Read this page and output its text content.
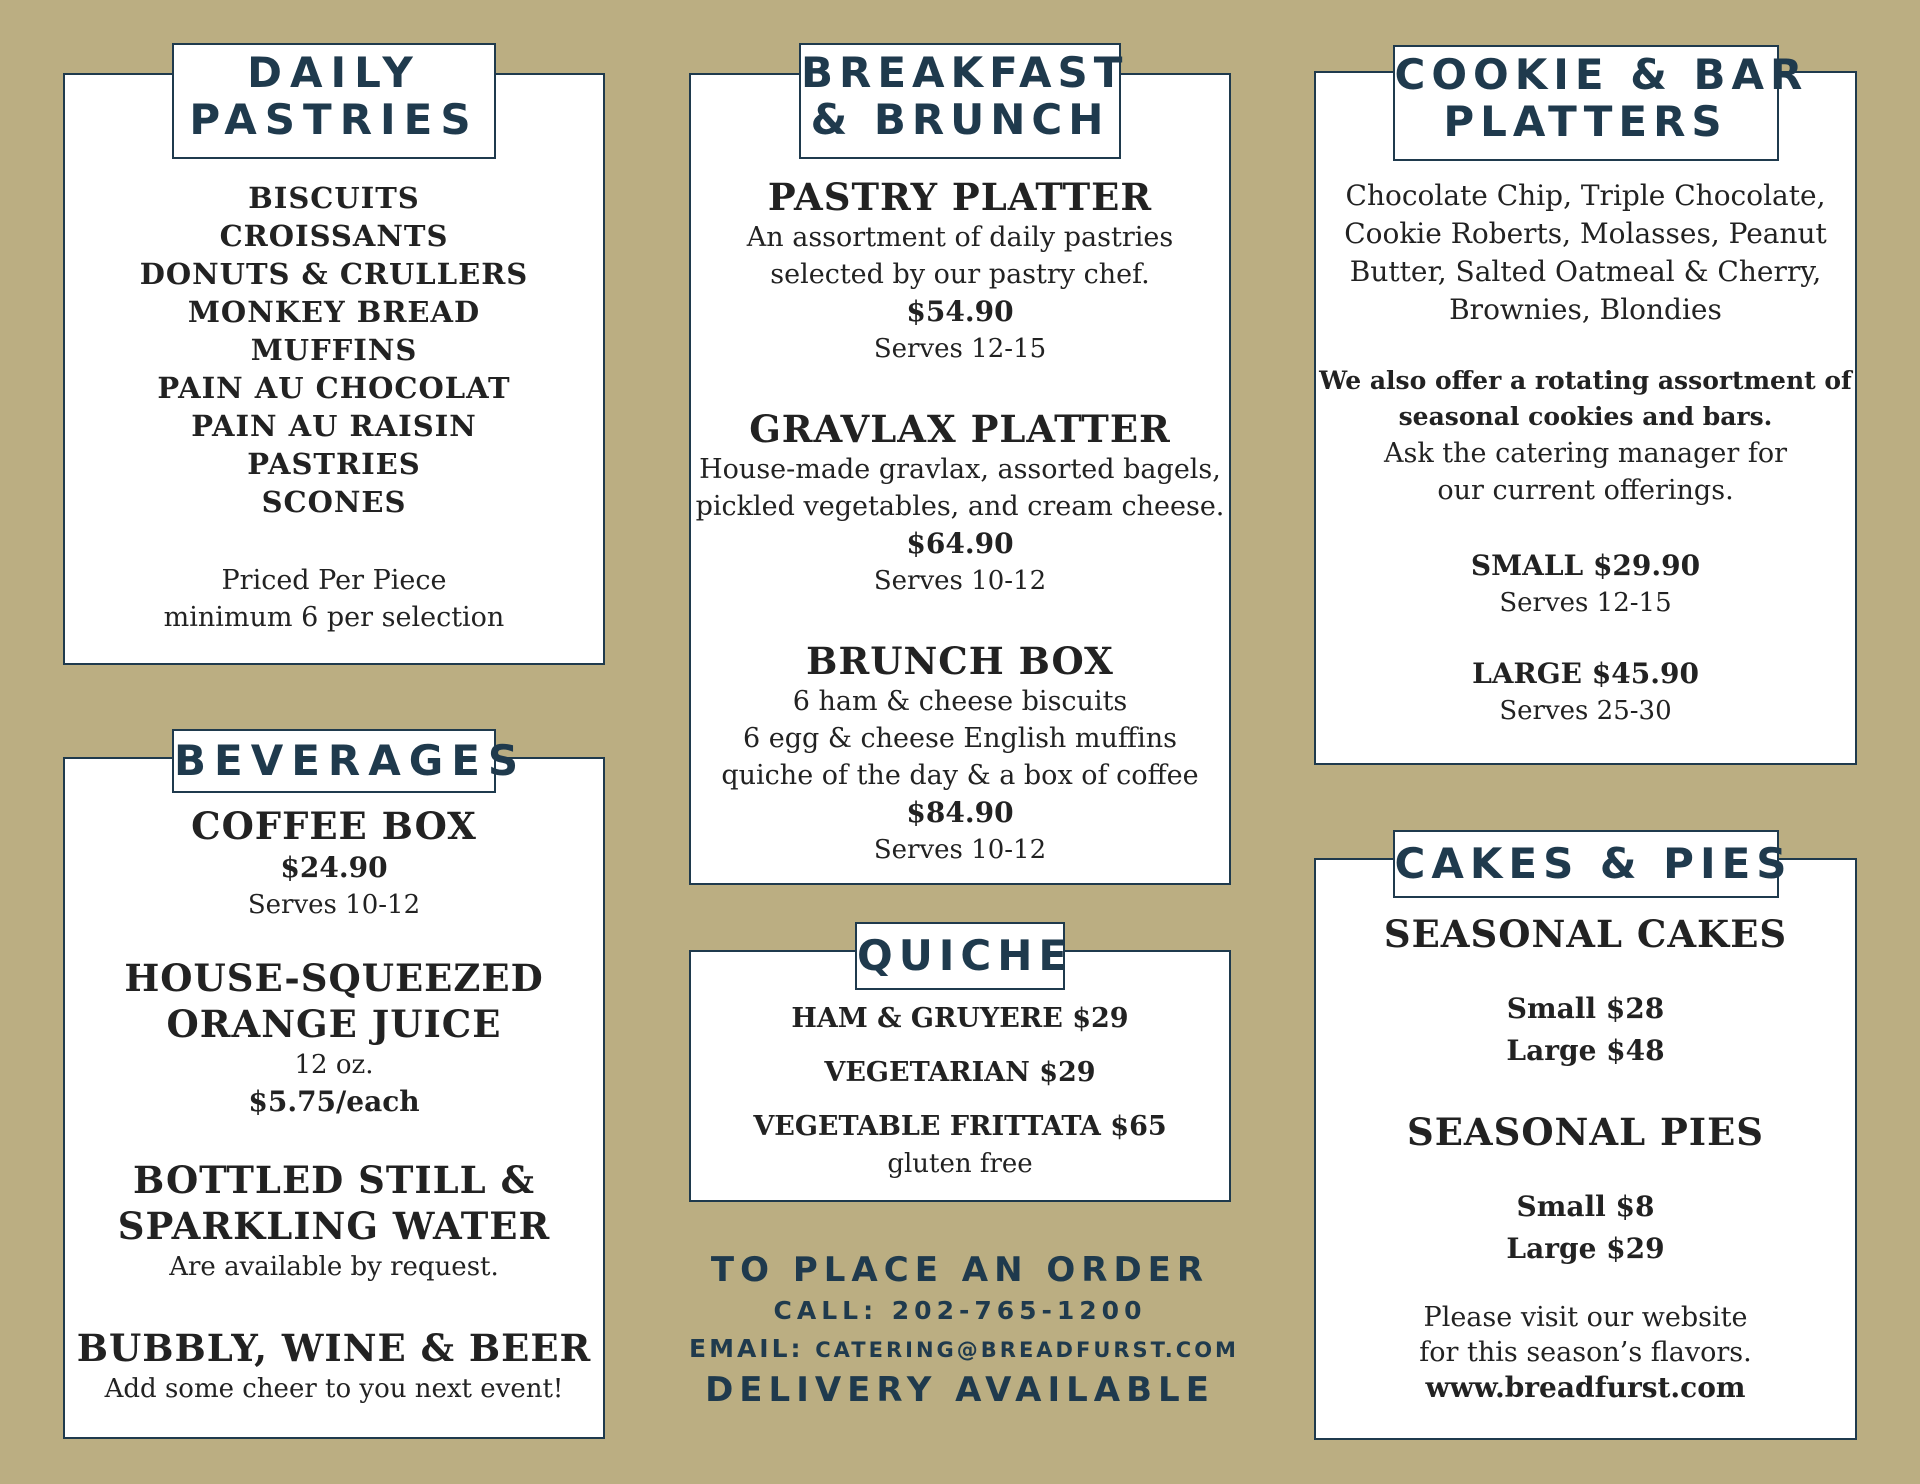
DAILY
PASTRIES
BISCUITS
CROISSANTS
DONUTS & CRULLERS
MONKEY BREAD
MUFFINS
PAIN AU CHOCOLAT
PAIN AU RAISIN
PASTRIES
SCONES
Priced Per Piece
minimum 6 per selection
BEVERAGES
COFFEE BOX
$24.90
Serves 10-12
HOUSE-SQUEEZED
ORANGE JUICE
12 oz.
$5.75/each
BOTTLED STILL &
SPARKLING WATER
Are available by request.
BUBBLY, WINE & BEER
Add some cheer to you next event!
BREAKFAST
& BRUNCH
PASTRY PLATTER
An assortment of daily pastries
selected by our pastry chef.
$54.90
Serves 12-15
GRAVLAX PLATTER
House-made gravlax, assorted bagels,
pickled vegetables, and cream cheese.
$64.90
Serves 10-12
BRUNCH BOX
6 ham & cheese biscuits
6 egg & cheese English muffins
quiche of the day & a box of coffee
$84.90
Serves 10-12
QUICHE
HAM & GRUYERE $29
VEGETARIAN $29
VEGETABLE FRITTATA $65
gluten free
TO PLACE AN ORDER
CALL: 202-765-1200
EMAIL: CATERING@BREADFURST.COM
DELIVERY AVAILABLE
COOKIE & BAR
PLATTERS
Chocolate Chip, Triple Chocolate,
Cookie Roberts, Molasses, Peanut
Butter, Salted Oatmeal & Cherry,
Brownies, Blondies
We also offer a rotating assortment of
seasonal cookies and bars.
Ask the catering manager for
our current offerings.
SMALL $29.90
Serves 12-15
LARGE $45.90
Serves 25-30
CAKES & PIES
SEASONAL CAKES
Small $28
Large $48
SEASONAL PIES
Small $8
Large $29
Please visit our website
for this season’s flavors.
www.breadfurst.com
